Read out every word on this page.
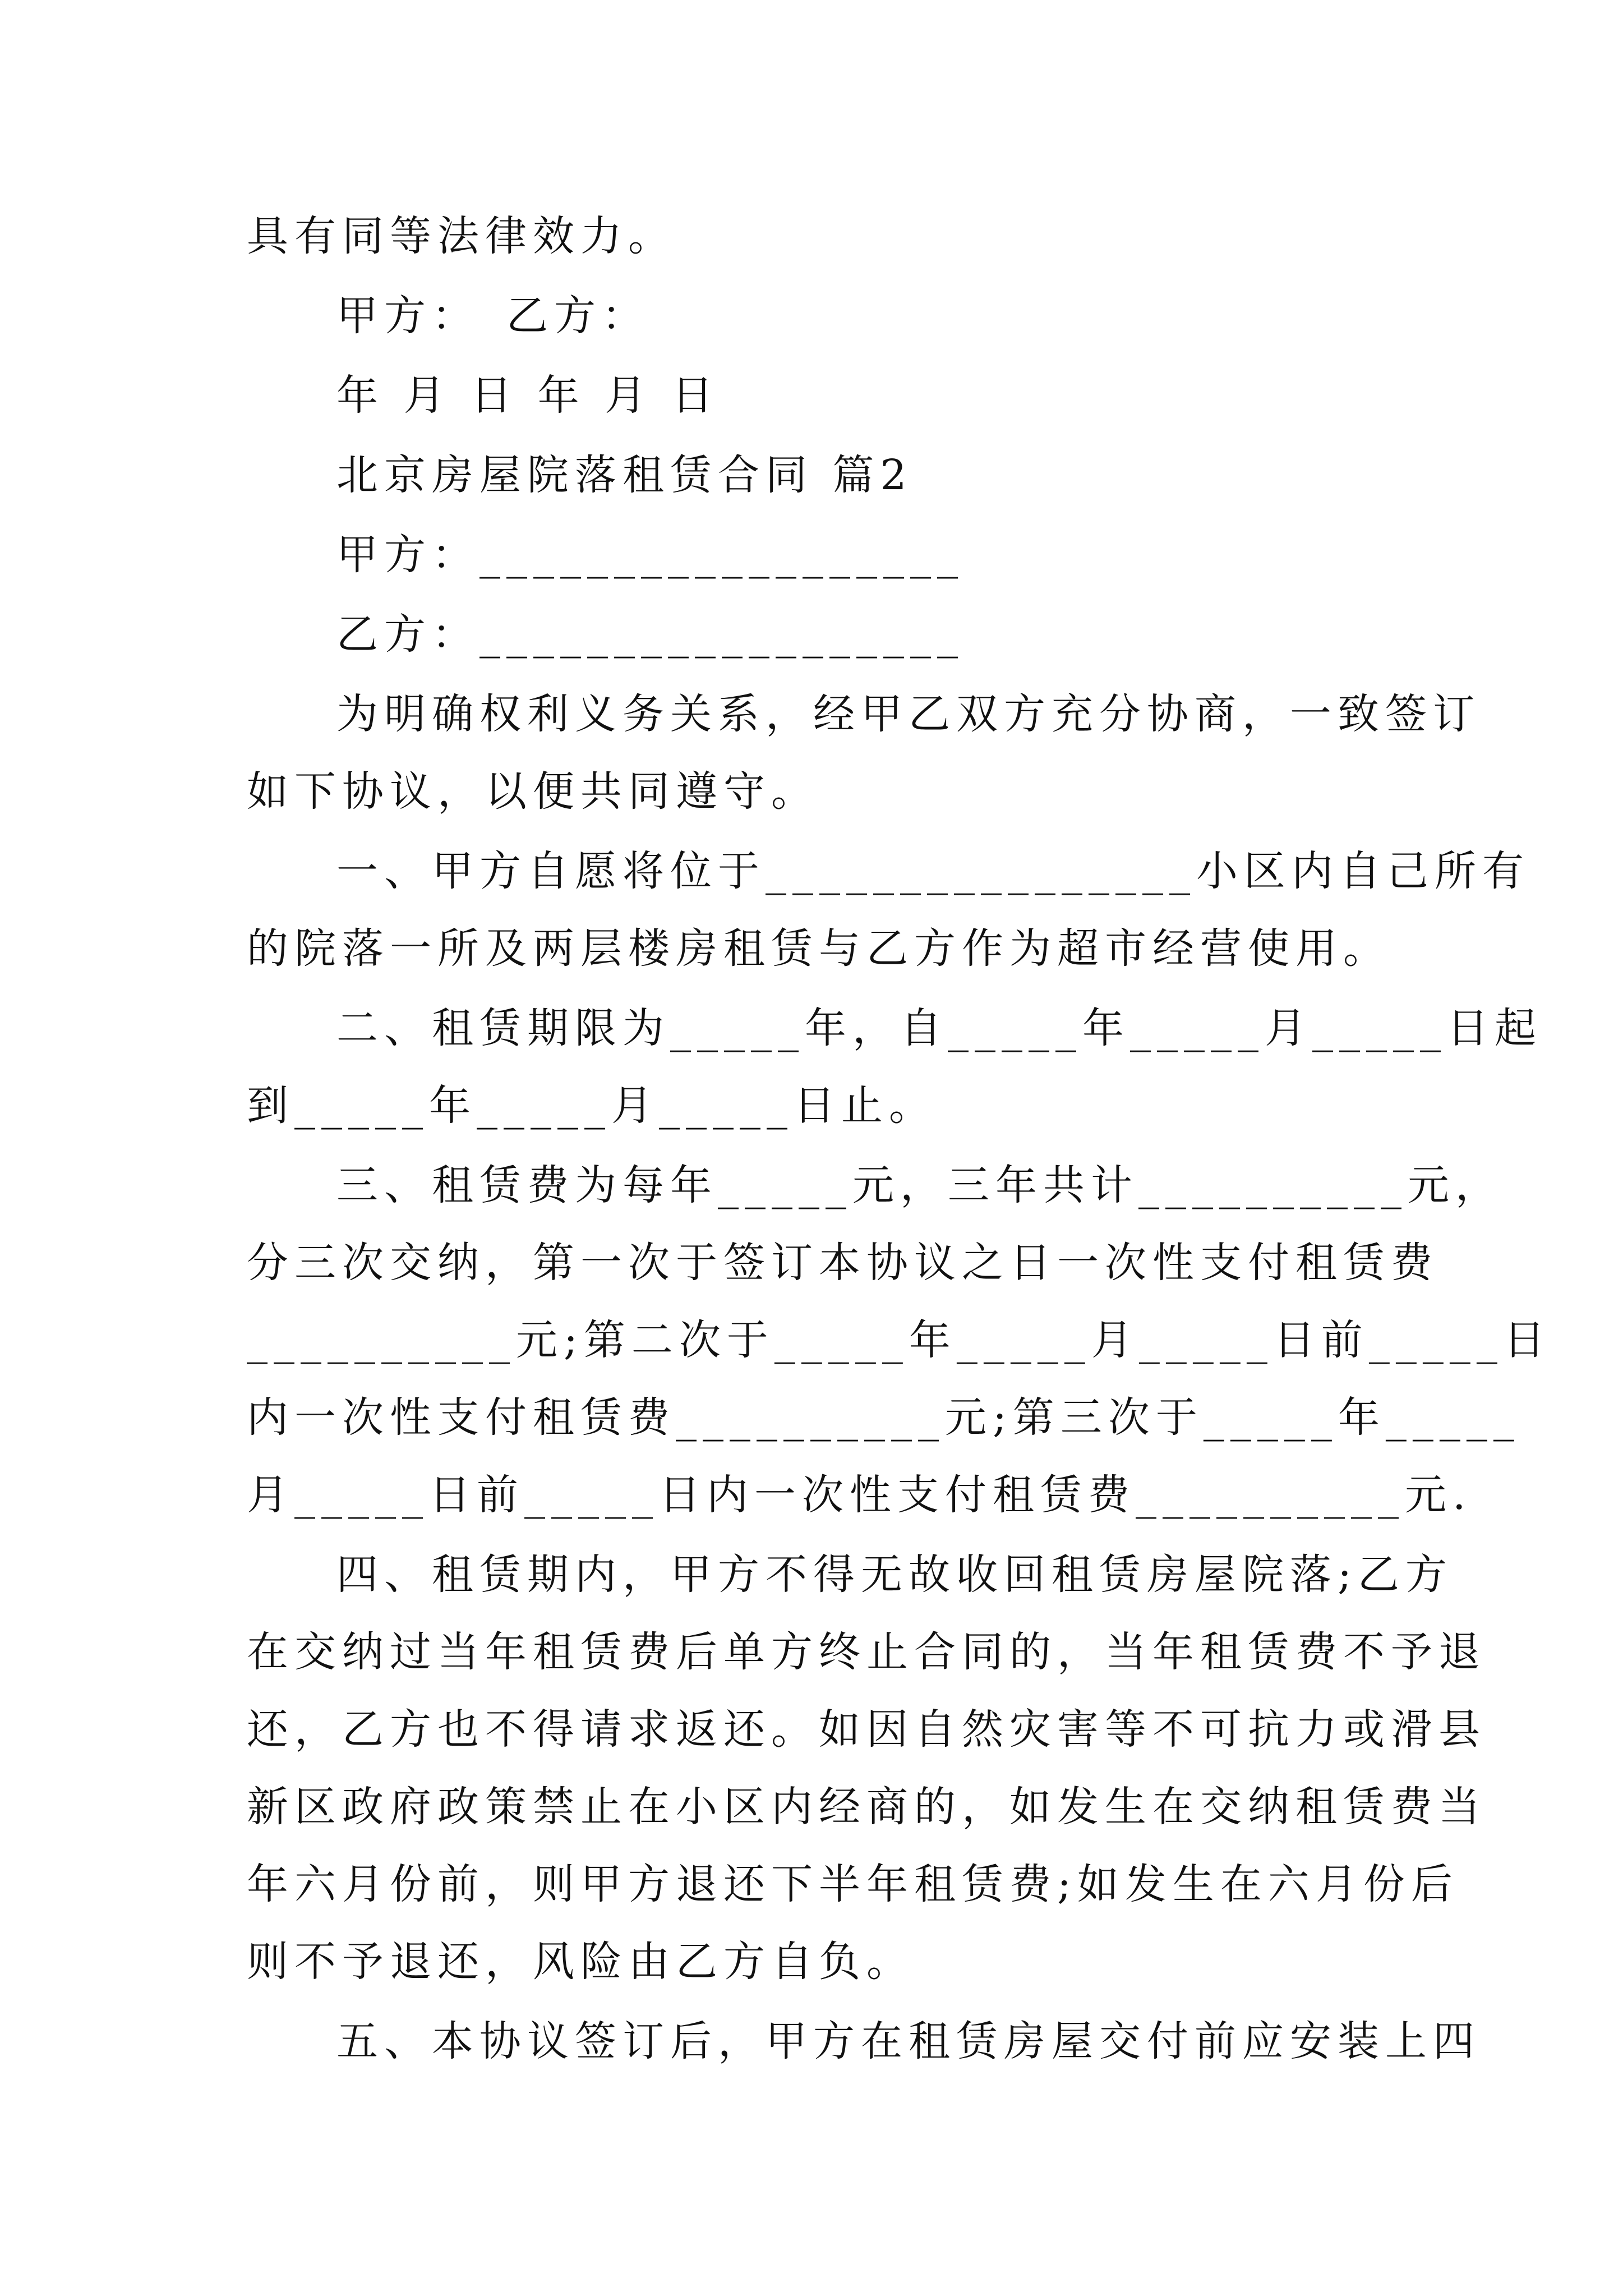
具有同等法律效力。
甲方：　乙方：
年 月 日 年 月 日
北京房屋院落租赁合同 篇2
甲方：__________________
乙方：__________________
为明确权利义务关系，经甲乙双方充分协商，一致签订
如下协议，以便共同遵守。
一、甲方自愿将位于________________小区内自己所有
的院落一所及两层楼房租赁与乙方作为超市经营使用。
二、租赁期限为_____年，自_____年_____月_____日起
到_____年_____月_____日止。
三、租赁费为每年_____元，三年共计__________元，
分三次交纳，第一次于签订本协议之日一次性支付租赁费
__________元;第二次于_____年_____月_____日前_____日
内一次性支付租赁费__________元;第三次于_____年_____
月_____日前_____日内一次性支付租赁费__________元.
四、租赁期内，甲方不得无故收回租赁房屋院落;乙方
在交纳过当年租赁费后单方终止合同的，当年租赁费不予退
还，乙方也不得请求返还。如因自然灾害等不可抗力或滑县
新区政府政策禁止在小区内经商的，如发生在交纳租赁费当
年六月份前，则甲方退还下半年租赁费;如发生在六月份后
则不予退还，风险由乙方自负。
五、本协议签订后，甲方在租赁房屋交付前应安装上四
